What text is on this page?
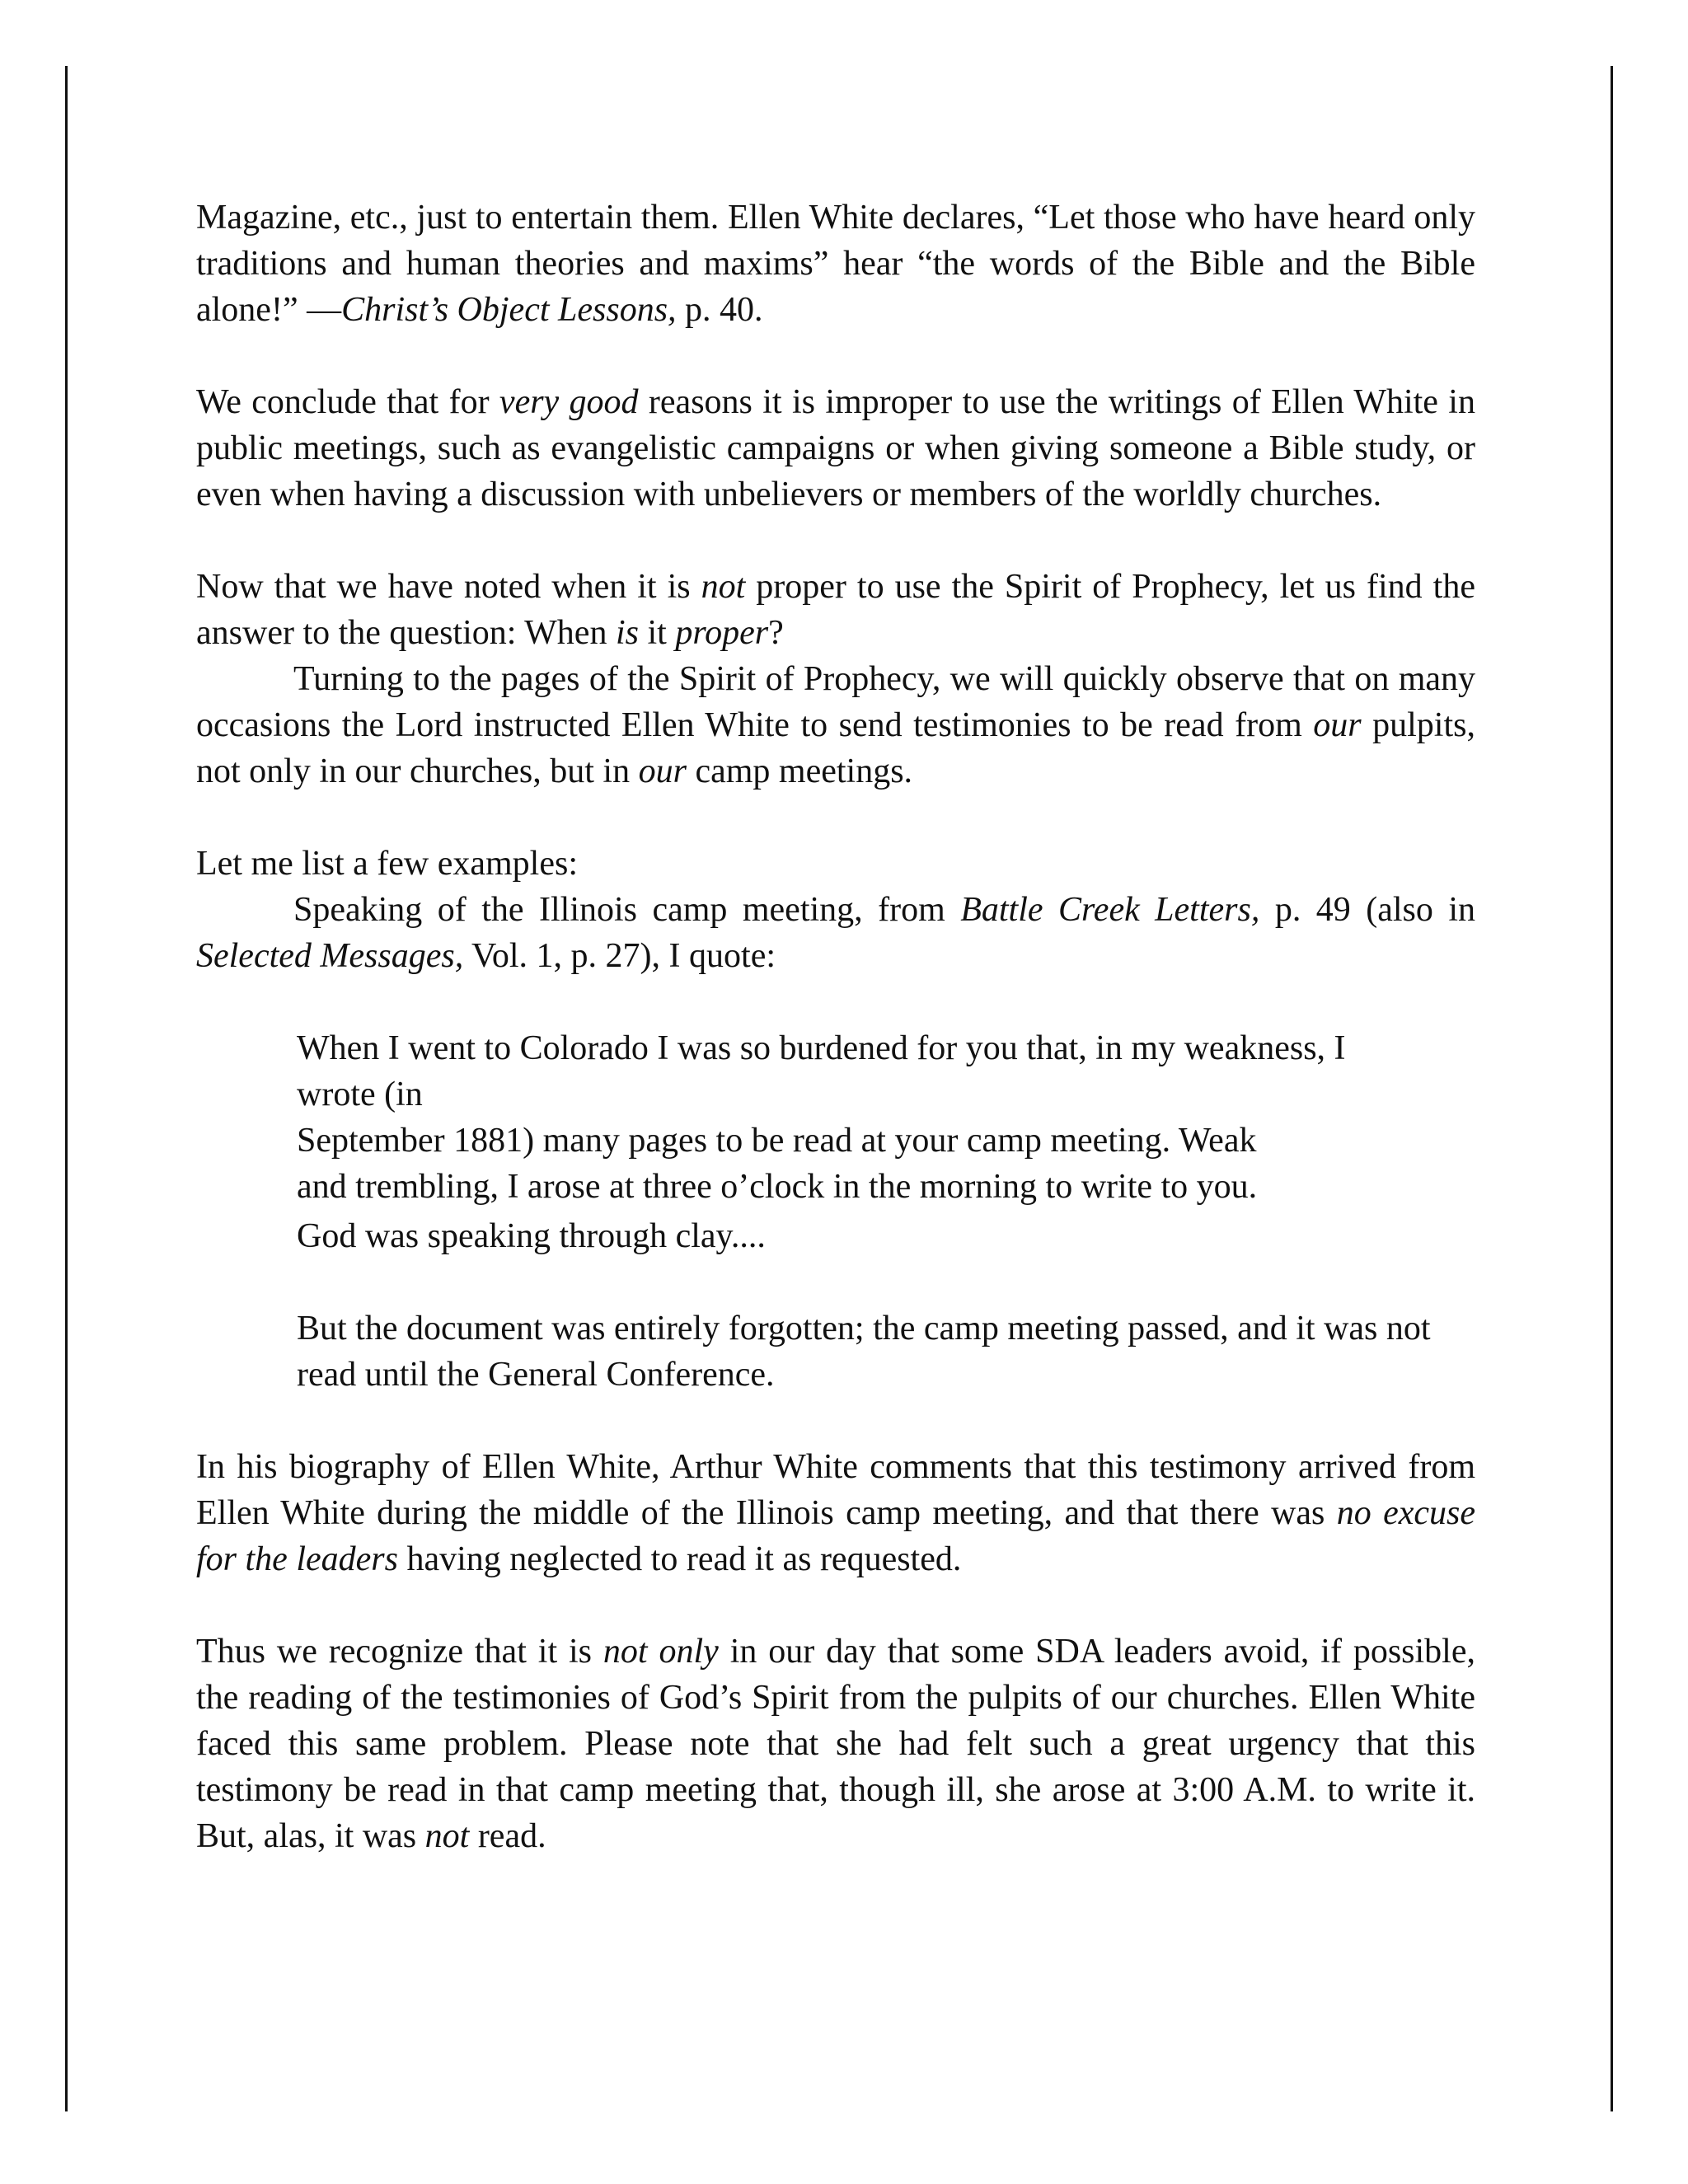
Magazine, etc., just to entertain them. Ellen White declares, “Let those who have heard only traditions and human theories and maxims” hear “the words of the Bible and the Bible alone!” —Christ’s Object Lessons, p. 40.

We conclude that for very good reasons it is improper to use the writings of Ellen White in public meetings, such as evangelistic campaigns or when giving someone a Bible study, or even when having a discussion with unbelievers or members of the worldly churches.

Now that we have noted when it is not proper to use the Spirit of Prophecy, let us find the answer to the question: When is it proper?

Turning to the pages of the Spirit of Prophecy, we will quickly observe that on many occasions the Lord instructed Ellen White to send testimonies to be read from our pulpits, not only in our churches, but in our camp meetings.

Let me list a few examples:

Speaking of the Illinois camp meeting, from Battle Creek Letters, p. 49 (also in Selected Messages, Vol. 1, p. 27), I quote:

When I went to Colorado I was so burdened for you that, in my weakness, I
wrote (in
September 1881) many pages to be read at your camp meeting. Weak
and trembling, I arose at three o’clock in the morning to write to you.
God was speaking through clay....

But the document was entirely forgotten; the camp meeting passed, and it was not read until the General Conference.

In his biography of Ellen White, Arthur White comments that this testimony arrived from Ellen White during the middle of the Illinois camp meeting, and that there was no excuse for the leaders having neglected to read it as requested.

Thus we recognize that it is not only in our day that some SDA leaders avoid, if possible, the reading of the testimonies of God’s Spirit from the pulpits of our churches. Ellen White faced this same problem. Please note that she had felt such a great urgency that this testimony be read in that camp meeting that, though ill, she arose at 3:00 A.M. to write it. But, alas, it was not read.
